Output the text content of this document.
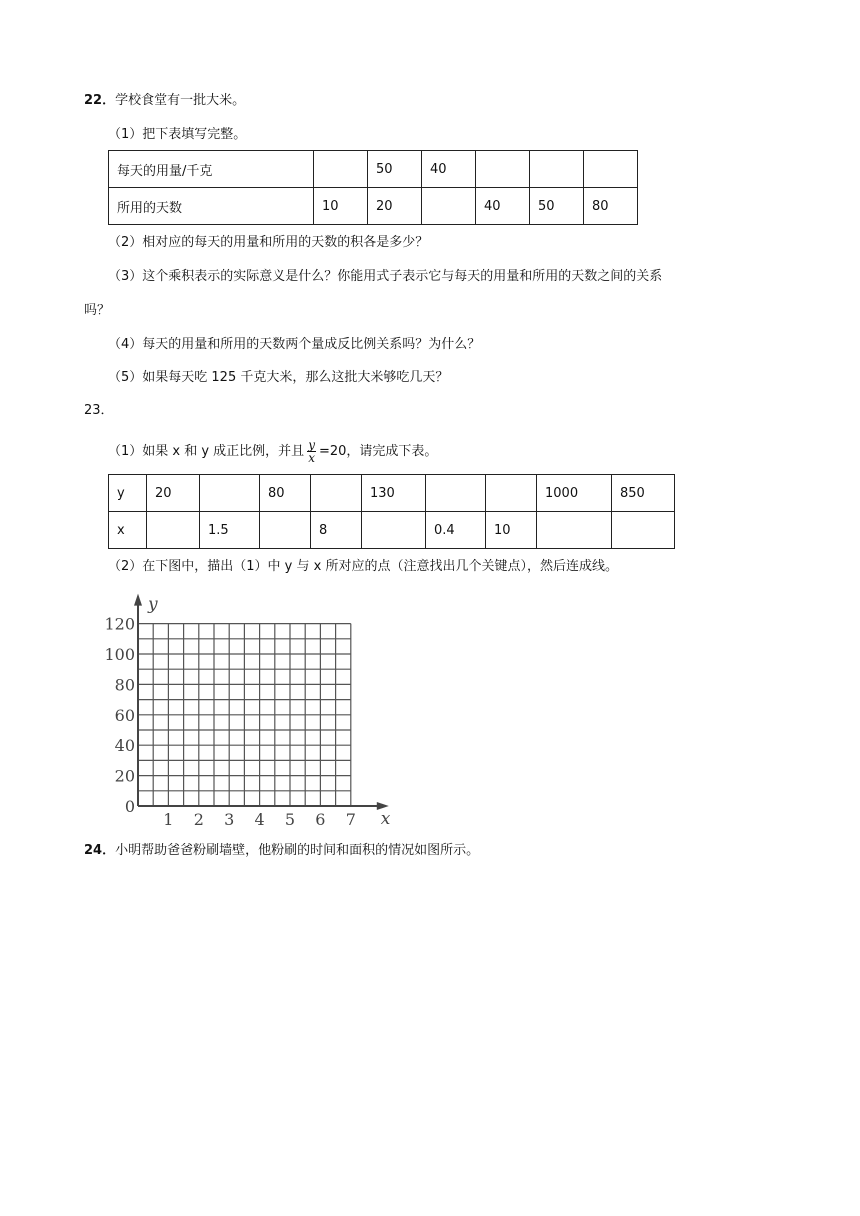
22．学校食堂有一批大米。
（1）把下表填写完整。
每天的用量/千克		50	40			
所用的天数	10	20		40	50	80
（2）相对应的每天的用量和所用的天数的积各是多少？
（3）这个乘积表示的实际意义是什么？你能用式子表示它与每天的用量和所用的天数之间的关系
吗？
（4）每天的用量和所用的天数两个量成反比例关系吗？为什么？
（5）如果每天吃 125 千克大米，那么这批大米够吃几天？
23．
（1）如果 x 和 y 成正比例，并且 $\frac{y}{x} =20$，请完成下表。
y	20		80		130			1000	850
x		1.5		8		0.4	10		
（2）在下图中，描出（1）中 y 与 x 所对应的点（注意找出几个关键点），然后连成线。
y
x
120
100
80
60
40
20
0
1 2 3 4 5 6 7
24．小明帮助爸爸粉刷墙壁，他粉刷的时间和面积的情况如图所示。
